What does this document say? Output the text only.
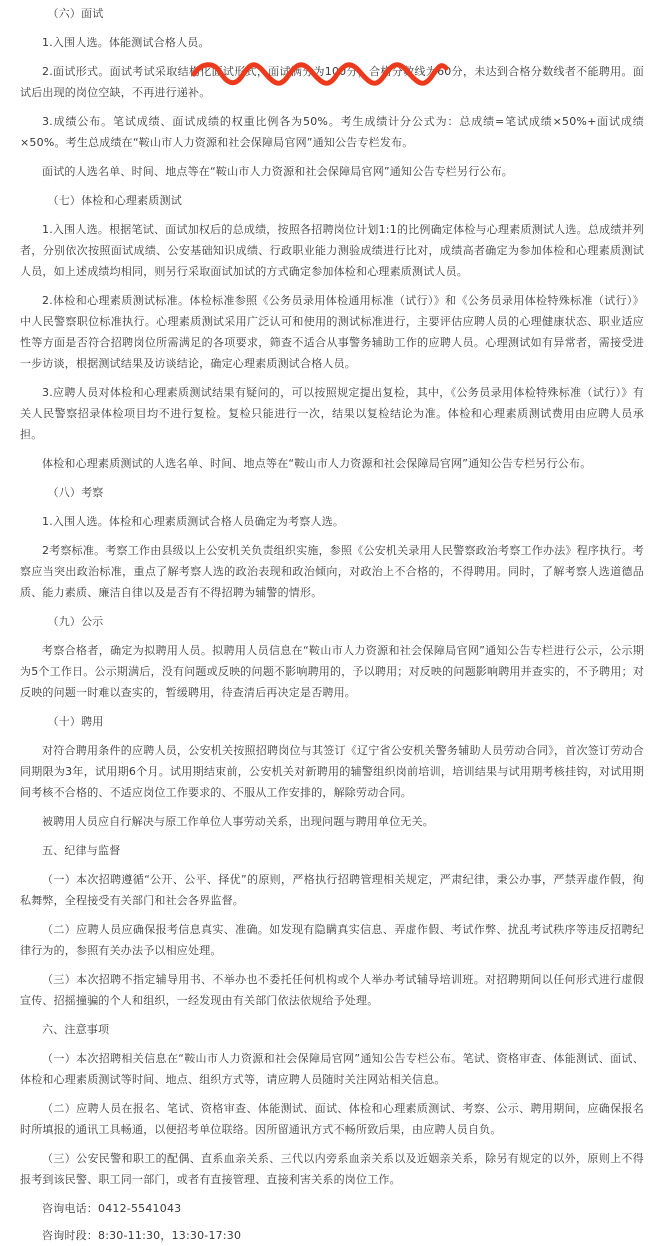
（六）面试

1.入围人选。体能测试合格人员。

2.面试形式。面试考试采取结构化面试形式，面试满分为100分，合格分数线为60分，未达到合格分数线者不能聘用。面试后出现的岗位空缺，不再进行递补。

3.成绩公布。笔试成绩、面试成绩的权重比例各为50%。考生成绩计分公式为：总成绩=笔试成绩×50%+面试成绩×50%。考生总成绩在“鞍山市人力资源和社会保障局官网”通知公告专栏发布。

面试的人选名单、时间、地点等在“鞍山市人力资源和社会保障局官网”通知公告专栏另行公布。

（七）体检和心理素质测试

1.入围人选。根据笔试、面试加权后的总成绩，按照各招聘岗位计划1:1的比例确定体检与心理素质测试人选。总成绩并列者，分别依次按照面试成绩、公安基础知识成绩、行政职业能力测验成绩进行比对，成绩高者确定为参加体检和心理素质测试人员，如上述成绩均相同，则另行采取面试加试的方式确定参加体检和心理素质测试人员。

2.体检和心理素质测试标准。体检标准参照《公务员录用体检通用标准（试行）》和《公务员录用体检特殊标准（试行）》中人民警察职位标准执行。心理素质测试采用广泛认可和使用的测试标准进行，主要评估应聘人员的心理健康状态、职业适应性等方面是否符合招聘岗位所需满足的各项要求，筛查不适合从事警务辅助工作的应聘人员。心理测试如有异常者，需接受进一步访谈，根据测试结果及访谈结论，确定心理素质测试合格人员。

3.应聘人员对体检和心理素质测试结果有疑问的，可以按照规定提出复检，其中，《公务员录用体检特殊标准（试行）》有关人民警察招录体检项目均不进行复检。复检只能进行一次，结果以复检结论为准。体检和心理素质测试费用由应聘人员承担。

体检和心理素质测试的人选名单、时间、地点等在“鞍山市人力资源和社会保障局官网”通知公告专栏另行公布。

（八）考察

1.入围人选。体检和心理素质测试合格人员确定为考察人选。

2考察标准。考察工作由县级以上公安机关负责组织实施，参照《公安机关录用人民警察政治考察工作办法》程序执行。考察应当突出政治标准，重点了解考察人选的政治表现和政治倾向，对政治上不合格的，不得聘用。同时，了解考察人选道德品质、能力素质、廉洁自律以及是否有不得招聘为辅警的情形。

（九）公示

考察合格者，确定为拟聘用人员。拟聘用人员信息在“鞍山市人力资源和社会保障局官网”通知公告专栏进行公示，公示期为5个工作日。公示期满后，没有问题或反映的问题不影响聘用的，予以聘用；对反映的问题影响聘用并查实的，不予聘用；对反映的问题一时难以查实的，暂缓聘用，待查清后再决定是否聘用。

（十）聘用

对符合聘用条件的应聘人员，公安机关按照招聘岗位与其签订《辽宁省公安机关警务辅助人员劳动合同》，首次签订劳动合同期限为3年，试用期6个月。试用期结束前，公安机关对新聘用的辅警组织岗前培训，培训结果与试用期考核挂钩，对试用期间考核不合格的、不适应岗位工作要求的、不服从工作安排的，解除劳动合同。

被聘用人员应自行解决与原工作单位人事劳动关系，出现问题与聘用单位无关。

五、纪律与监督

（一）本次招聘遵循“公开、公平、择优”的原则，严格执行招聘管理相关规定，严肃纪律，秉公办事，严禁弄虚作假，徇私舞弊，全程接受有关部门和社会各界监督。

（二）应聘人员应确保报考信息真实、准确。如发现有隐瞒真实信息、弄虚作假、考试作弊、扰乱考试秩序等违反招聘纪律行为的，参照有关办法予以相应处理。

（三）本次招聘不指定辅导用书、不举办也不委托任何机构或个人举办考试辅导培训班。对招聘期间以任何形式进行虚假宣传、招摇撞骗的个人和组织，一经发现由有关部门依法依规给予处理。

六、注意事项

（一）本次招聘相关信息在“鞍山市人力资源和社会保障局官网”通知公告专栏公布。笔试、资格审查、体能测试、面试、体检和心理素质测试等时间、地点、组织方式等，请应聘人员随时关注网站相关信息。

（二）应聘人员在报名、笔试、资格审查、体能测试、面试、体检和心理素质测试、考察、公示、聘用期间，应确保报名时所填报的通讯工具畅通，以便招考单位联络。因所留通讯方式不畅所致后果，由应聘人员自负。

（三）公安民警和职工的配偶、直系血亲关系、三代以内旁系血亲关系以及近姻亲关系，除另有规定的以外，原则上不得报考到该民警、职工同一部门，或者有直接管理、直接利害关系的岗位工作。

咨询电话：0412-5541043

咨询时段：8:30-11:30，13:30-17:30
